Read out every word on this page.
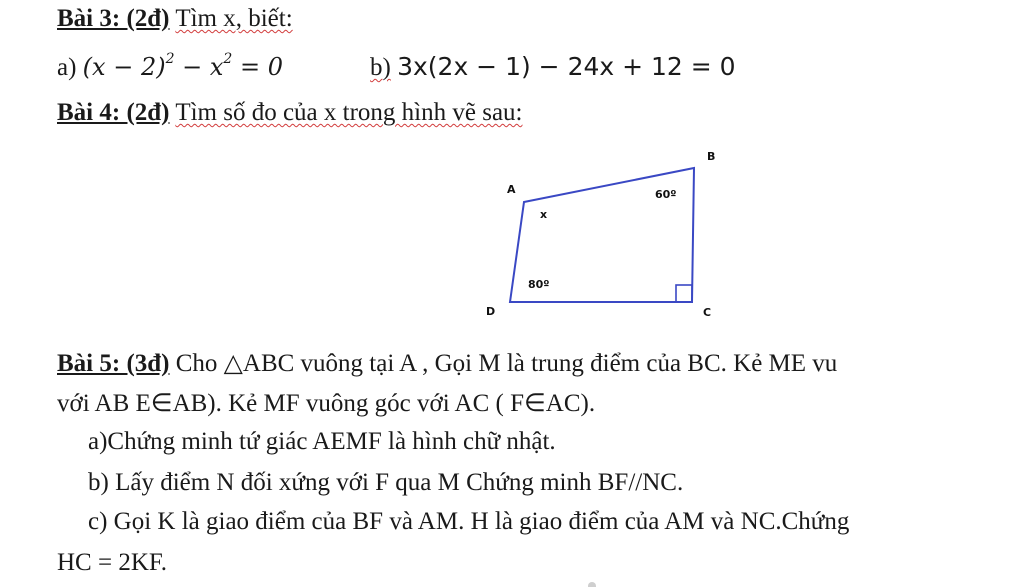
Bài 3: (2đ) Tìm x, biết:
a) $(x - 2)^2 - x^2 = 0$	b) 3x(2x − 1) − 24x + 12 = 0
Bài 4: (2đ) Tìm số đo của x trong hình vẽ sau:
A
B
C
D
x
60º
80º
Bài 5: (3đ) Cho △ABC vuông tại A , Gọi M là trung điểm của BC. Kẻ ME vu
với AB E∈AB). Kẻ MF vuông góc với AC ( F∈AC).
a)Chứng minh tứ giác AEMF là hình chữ nhật.
b) Lấy điểm N đối xứng với F qua M Chứng minh BF//NC.
c) Gọi K là giao điểm của BF và AM. H là giao điểm của AM và NC.Chứng
HC = 2KF.
